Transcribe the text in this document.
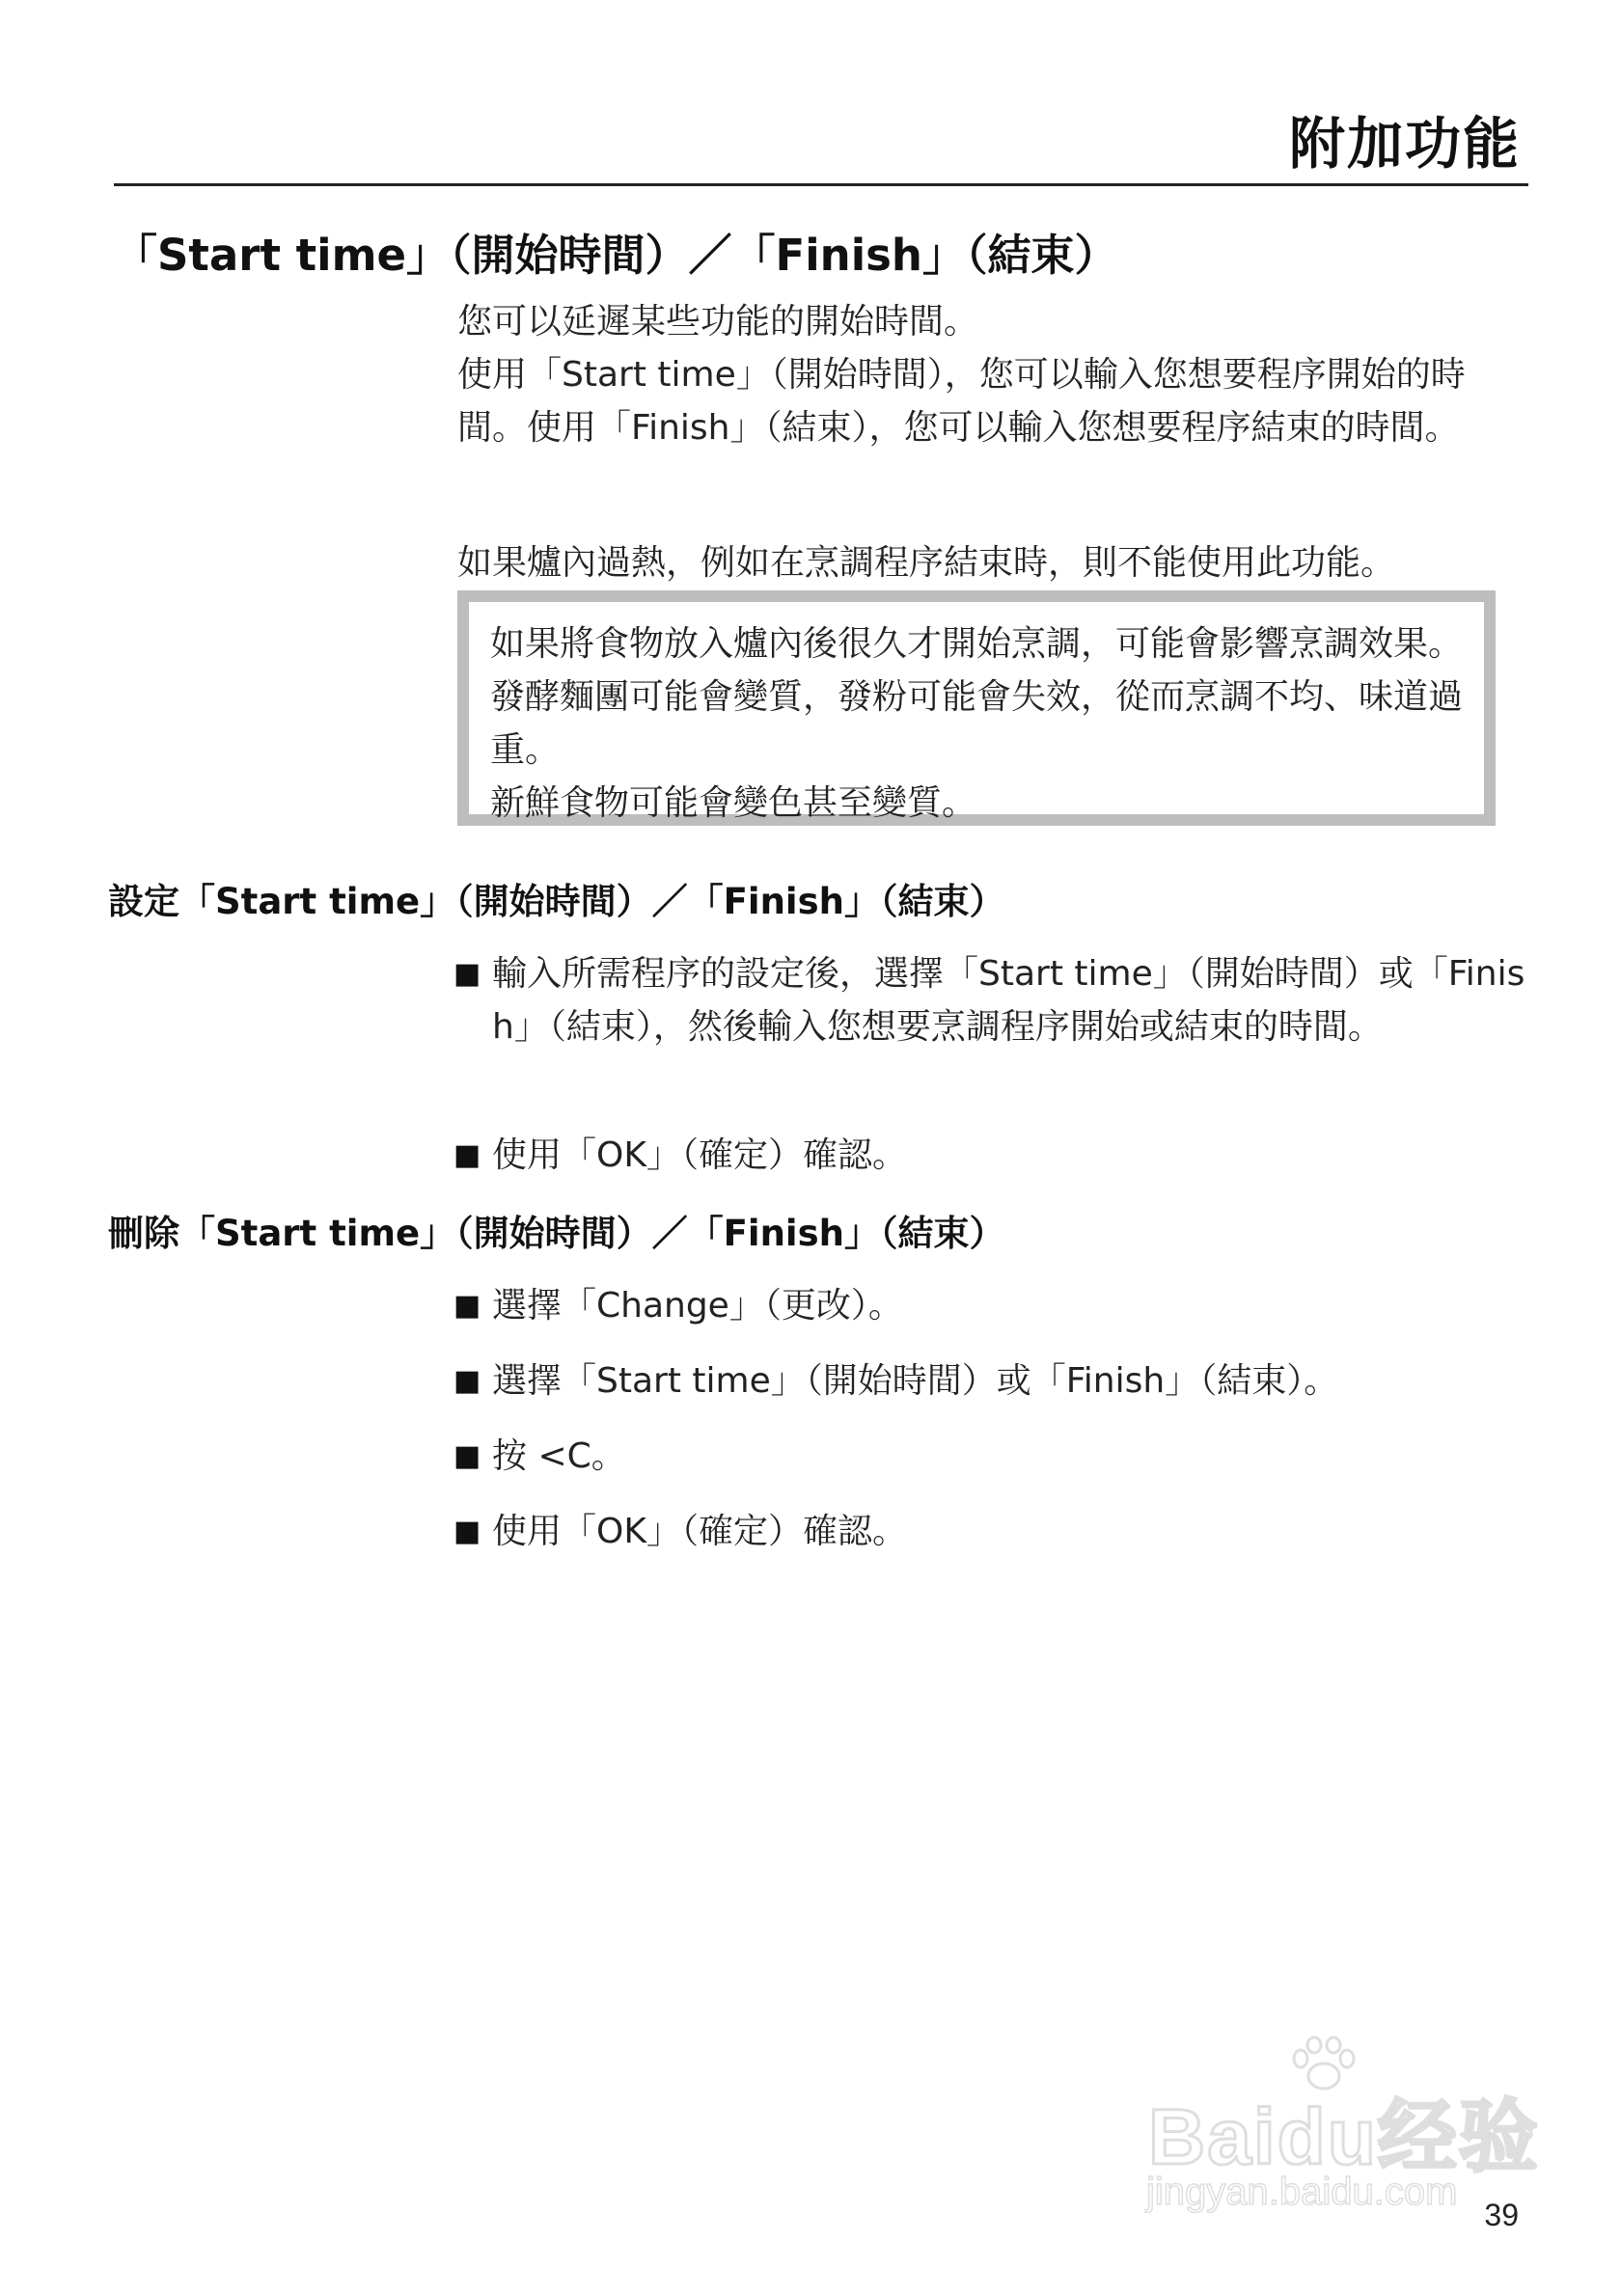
附加功能
「Start time」（開始時間）／「Finish」（結束）

您可以延遲某些功能的開始時間。

使用「Start time」（開始時間），您可以輸入您想要程序開始的時間。使用「Finish」（結束），您可以輸入您想要程序結束的時間。

如果爐內過熱，例如在烹調程序結束時，則不能使用此功能。

如果將食物放入爐內後很久才開始烹調，可能會影響烹調效果。

發酵麵團可能會變質，發粉可能會失效，從而烹調不均、味道過重。

新鮮食物可能會變色甚至變質。

設定「Start time」（開始時間）／「Finish」（結束）
■ 輸入所需程序的設定後，選擇「Start time」（開始時間）或「Finish」（結束），然後輸入您想要烹調程序開始或結束的時間。
■ 使用「OK」（確定）確認。
刪除「Start time」（開始時間）／「Finish」（結束）
■ 選擇「Change」（更改）。
■ 選擇「Start time」（開始時間）或「Finish」（結束）。
■ 按 <C。
■ 使用「OK」（確定）確認。
Baidu经验
jingyan.baidu.com
39
